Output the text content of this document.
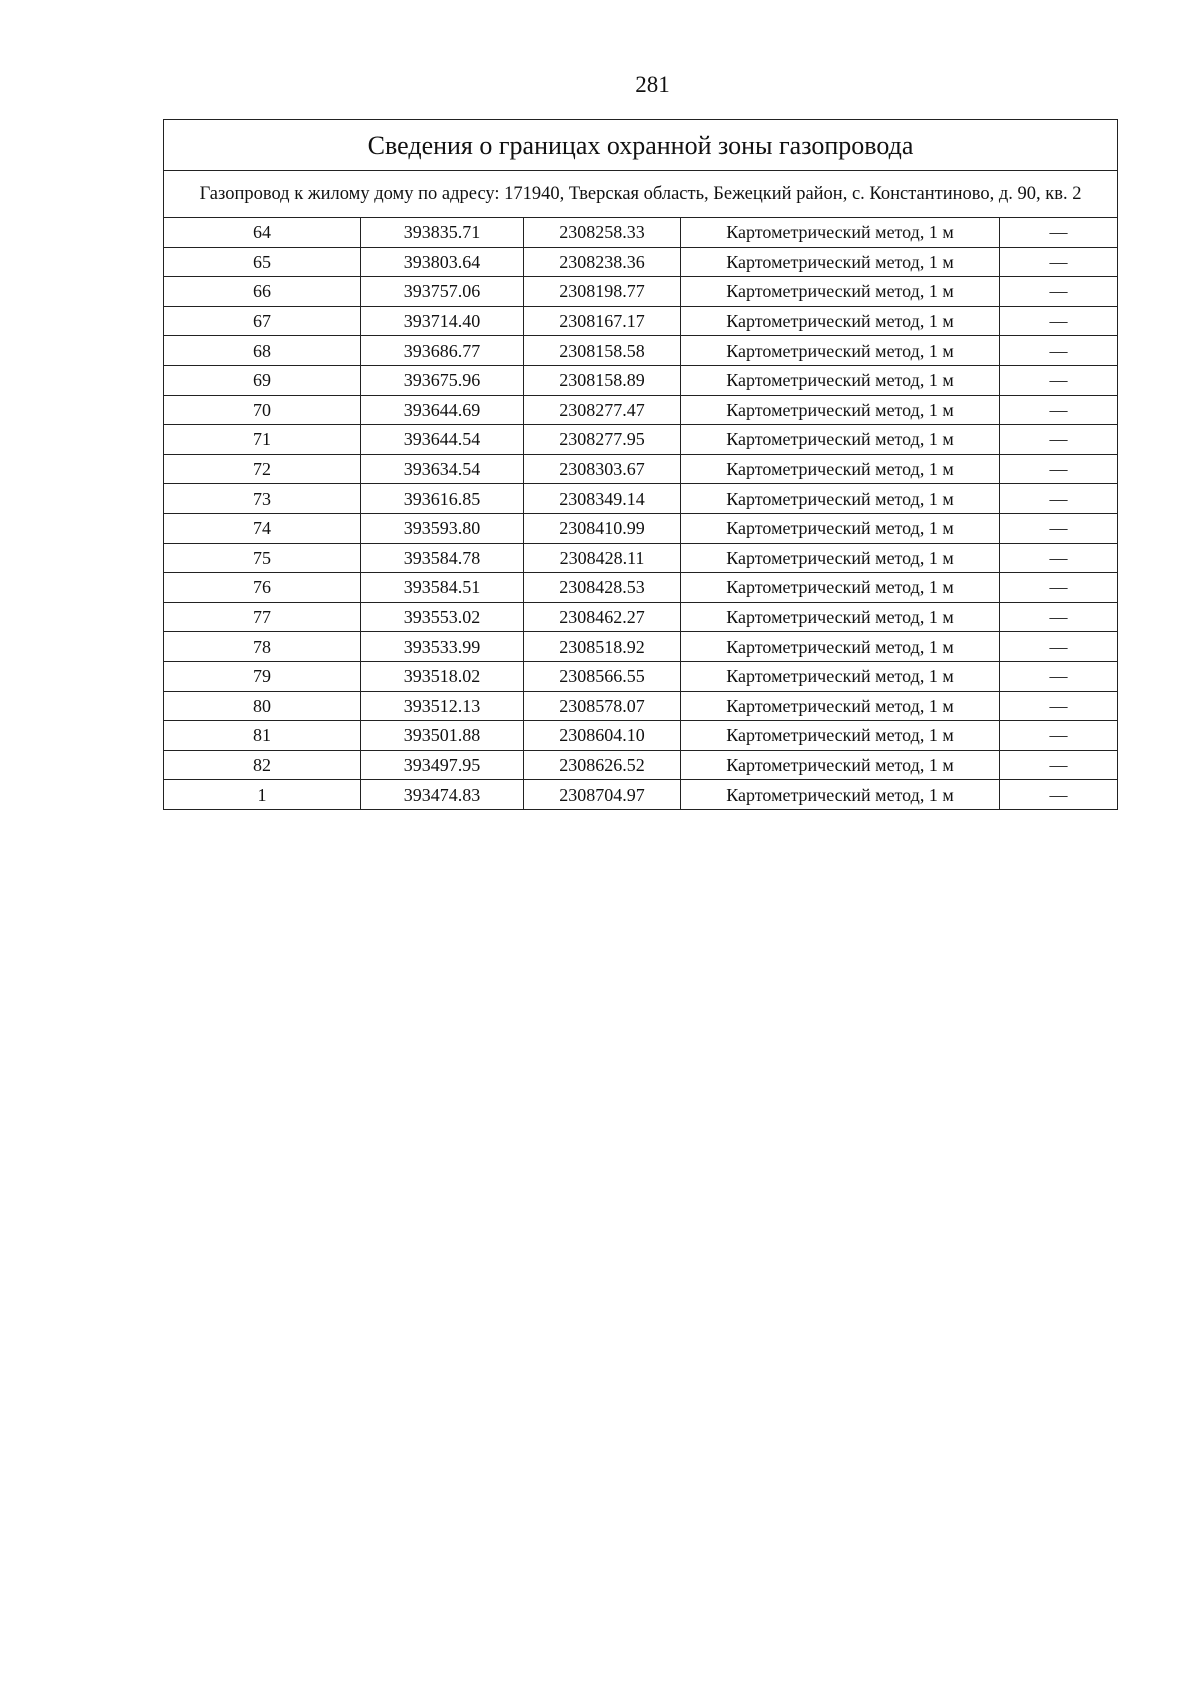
281
Сведения о границах охранной зоны газопровода				
Газопровод к жилому дому по адресу: 171940, Тверская область, Бежецкий район, с. Константиново, д. 90, кв. 2				
64	393835.71	2308258.33	Картометрический метод, 1 м	—
65	393803.64	2308238.36	Картометрический метод, 1 м	—
66	393757.06	2308198.77	Картометрический метод, 1 м	—
67	393714.40	2308167.17	Картометрический метод, 1 м	—
68	393686.77	2308158.58	Картометрический метод, 1 м	—
69	393675.96	2308158.89	Картометрический метод, 1 м	—
70	393644.69	2308277.47	Картометрический метод, 1 м	—
71	393644.54	2308277.95	Картометрический метод, 1 м	—
72	393634.54	2308303.67	Картометрический метод, 1 м	—
73	393616.85	2308349.14	Картометрический метод, 1 м	—
74	393593.80	2308410.99	Картометрический метод, 1 м	—
75	393584.78	2308428.11	Картометрический метод, 1 м	—
76	393584.51	2308428.53	Картометрический метод, 1 м	—
77	393553.02	2308462.27	Картометрический метод, 1 м	—
78	393533.99	2308518.92	Картометрический метод, 1 м	—
79	393518.02	2308566.55	Картометрический метод, 1 м	—
80	393512.13	2308578.07	Картометрический метод, 1 м	—
81	393501.88	2308604.10	Картометрический метод, 1 м	—
82	393497.95	2308626.52	Картометрический метод, 1 м	—
1	393474.83	2308704.97	Картометрический метод, 1 м	—
